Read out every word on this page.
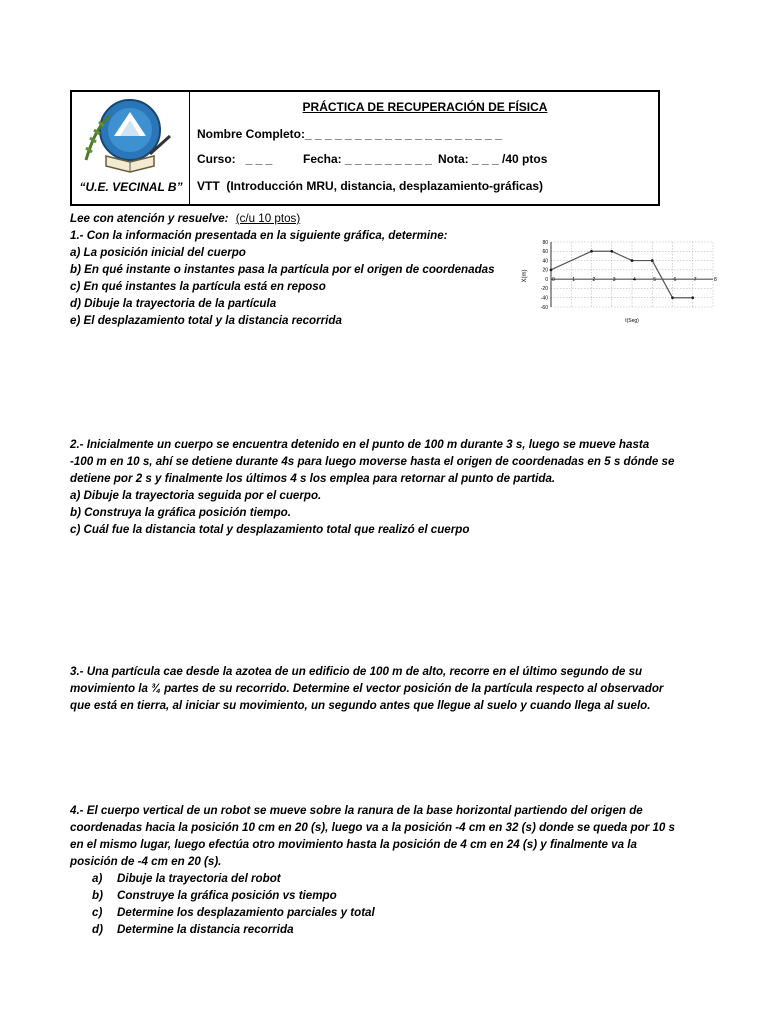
“U.E. VECINAL B”
PRÁCTICA DE RECUPERACIÓN DE FÍSICA
Nombre Completo:_ _ _ _ _ _ _ _ _ _ _ _ _ _ _ _ _ _ _ _
Curso:   _ _ _	Fecha: _ _ _ _ _ _ _ _ _ Nota: _ _ _ /40 ptos
VTT  (Introducción MRU, distancia, desplazamiento-gráficas)
Lee con atención y resuelve: (c/u 10 ptos)
1.- Con la información presentada en la siguiente gráfica, determine:
a) La posición inicial del cuerpo
b) En qué instante o instantes pasa la partícula por el origen de coordenadas
c) En qué instantes la partícula está en reposo
d) Dibuje la trayectoria de la partícula
e) El desplazamiento total y la distancia recorrida
80
60
40
20
0
-20
-40
-60
0	1	2	3	4	5	6	7	8
X(m)
t(Seg)
2.- Inicialmente un cuerpo se encuentra detenido en el punto de 100 m durante 3 s, luego se mueve hasta
-100 m en 10 s, ahí se detiene durante 4s para luego moverse hasta el origen de coordenadas en 5 s dónde se
detiene por 2 s y finalmente los últimos 4 s los emplea para retornar al punto de partida.
a) Dibuje la trayectoria seguida por el cuerpo.
b) Construya la gráfica posición tiempo.
c) Cuál fue la distancia total y desplazamiento total que realizó el cuerpo
3.- Una partícula cae desde la azotea de un edificio de 100 m de alto, recorre en el último segundo de su
movimiento la ¾ partes de su recorrido. Determine el vector posición de la partícula respecto al observador
que está en tierra, al iniciar su movimiento, un segundo antes que llegue al suelo y cuando llega al suelo.
4.- El cuerpo vertical de un robot se mueve sobre la ranura de la base horizontal partiendo del origen de
coordenadas hacia la posición 10 cm en 20 (s), luego va a la posición -4 cm en 32 (s) donde se queda por 10 s
en el mismo lugar, luego efectúa otro movimiento hasta la posición de 4 cm en 24 (s) y finalmente va la
posición de -4 cm en 20 (s).
a)	Dibuje la trayectoria del robot
b)	Construye la gráfica posición vs tiempo
c)	Determine los desplazamiento parciales y total
d)	Determine la distancia recorrida
